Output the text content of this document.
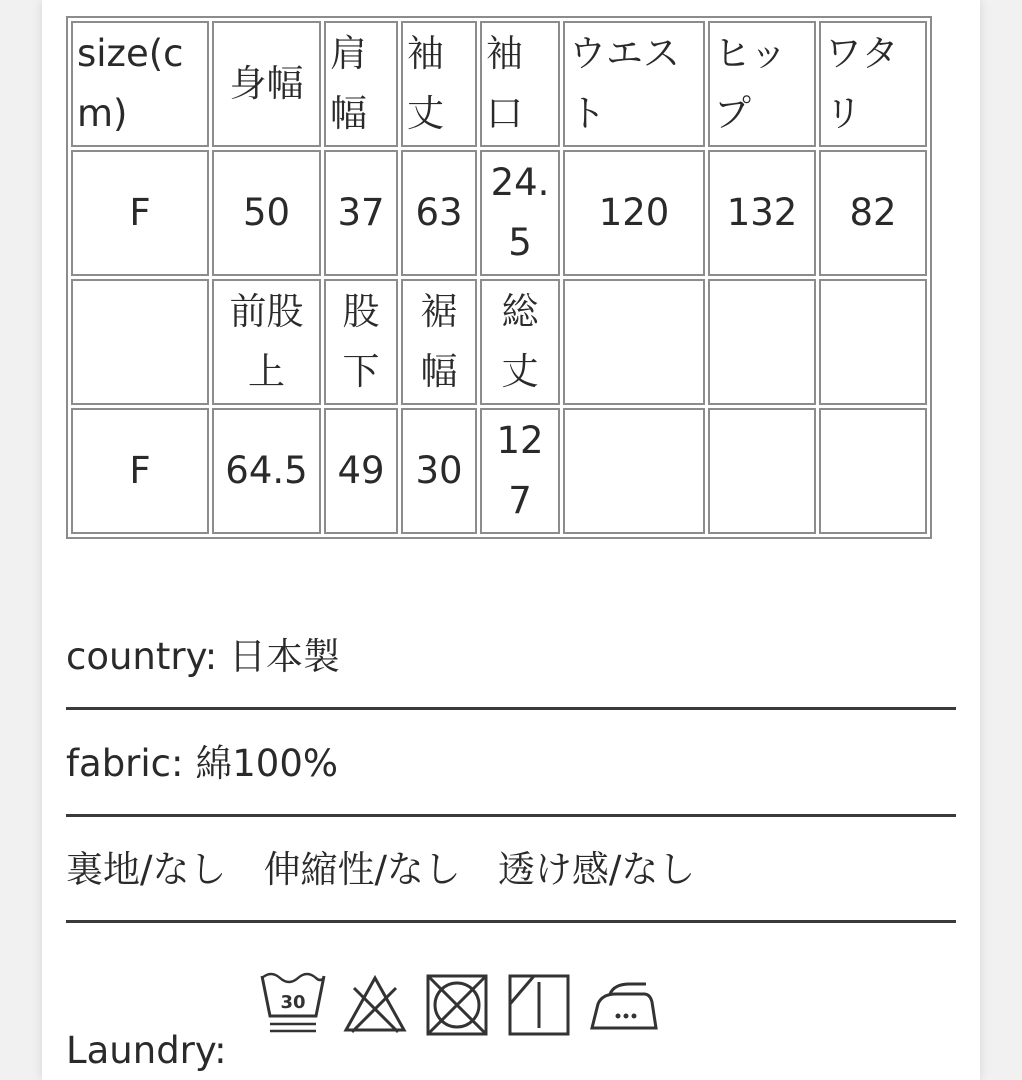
size(cm)	身幅	肩幅	袖丈	袖口	ウエスト	ヒップ	ワタリ
F	50	37	63	24.5	120	132	82
	前股上	股下	裾幅	総丈			
F	64.5	49	30	127			
country: 日本製
fabric: 綿100%
裏地/なし　伸縮性/なし　透け感/なし
Laundry:
30
